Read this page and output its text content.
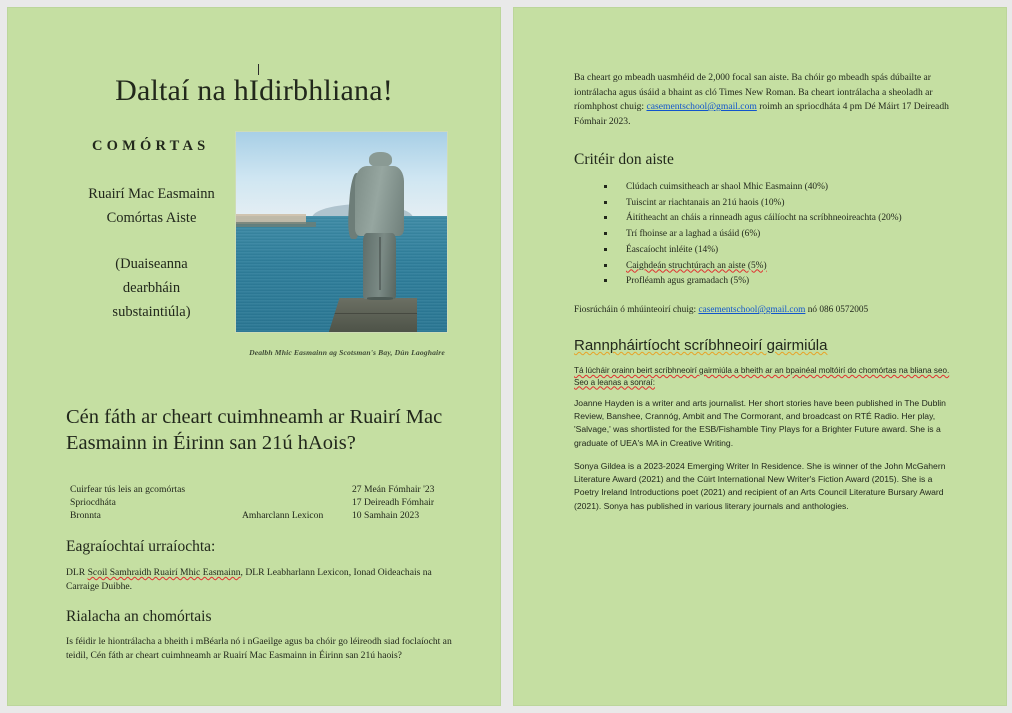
Daltaí na hIdirbhliana!
COMÓRTAS
Ruairí Mac Easmainn
Comórtas Aiste
(Duaiseanna
dearbháin
substaintiúla)
Dealbh Mhic Easmainn ag Scotsman's Bay, Dún Laoghaire
Cén fáth ar cheart cuimhneamh ar Ruairí Mac Easmainn in Éirinn san 21ú hAois?
Cuirfear tús leis an gcomórtas		27 Meán Fómhair '23
Spriocdháta		17 Deireadh Fómhair
Bronnta	Amharclann Lexicon	10 Samhain 2023
Eagraíochtaí urraíochta:
DLR Scoil Samhraidh Ruairí Mhic Easmainn, DLR Leabharlann Lexicon, Ionad Oideachais na Carraige Duibhe.
Rialacha an chomórtais
Is féidir le hiontrálacha a bheith i mBéarla nó i nGaeilge agus ba chóir go léireodh siad foclaíocht an teidil, Cén fáth ar cheart cuimhneamh ar Ruairí Mac Easmainn in Éirinn san 21ú haois?
Ba cheart go mbeadh uasmhéid de 2,000 focal san aiste. Ba chóir go mbeadh spás dúbailte ar iontrálacha agus úsáid a bhaint as cló Times New Roman. Ba cheart iontrálacha a sheoladh ar ríomhphost chuig: casementschool@gmail.com roimh an spriocdháta 4 pm Dé Máirt 17 Deireadh Fómhair 2023.
Critéir don aiste
Clúdach cuimsitheach ar shaol Mhic Easmainn (40%)
Tuiscint ar riachtanais an 21ú haois (10%)
Áitítheacht an cháis a rinneadh agus cáilíocht na scríbhneoireachta (20%)
Trí fhoinse ar a laghad a úsáid (6%)
Éascaíocht inléite (14%)
Caighdeán struchtúrach an aiste (5%)
Profléamh agus gramadach (5%)
Fiosrúcháin ó mhúinteoirí chuig: casementschool@gmail.com nó 086 0572005
Rannpháirtíocht scríbhneoirí gairmiúla
Tá lúcháir orainn beirt scríbhneoirí gairmiúla a bheith ar an bpainéal moltóirí do chomórtas na bliana seo. Seo a leanas a sonraí:
Joanne Hayden is a writer and arts journalist. Her short stories have been published in The Dublin Review, Banshee, Crannóg, Ambit and The Cormorant, and broadcast on RTÉ Radio. Her play, 'Salvage,' was shortlisted for the ESB/Fishamble Tiny Plays for a Brighter Future award. She is a graduate of UEA's MA in Creative Writing.
Sonya Gildea is a 2023-2024 Emerging Writer In Residence. She is winner of the John McGahern Literature Award (2021) and the Cúirt International New Writer's Fiction Award (2015). She is a Poetry Ireland Introductions poet (2021) and recipient of an Arts Council Literature Bursary Award (2021). Sonya has published in various literary journals and anthologies.
